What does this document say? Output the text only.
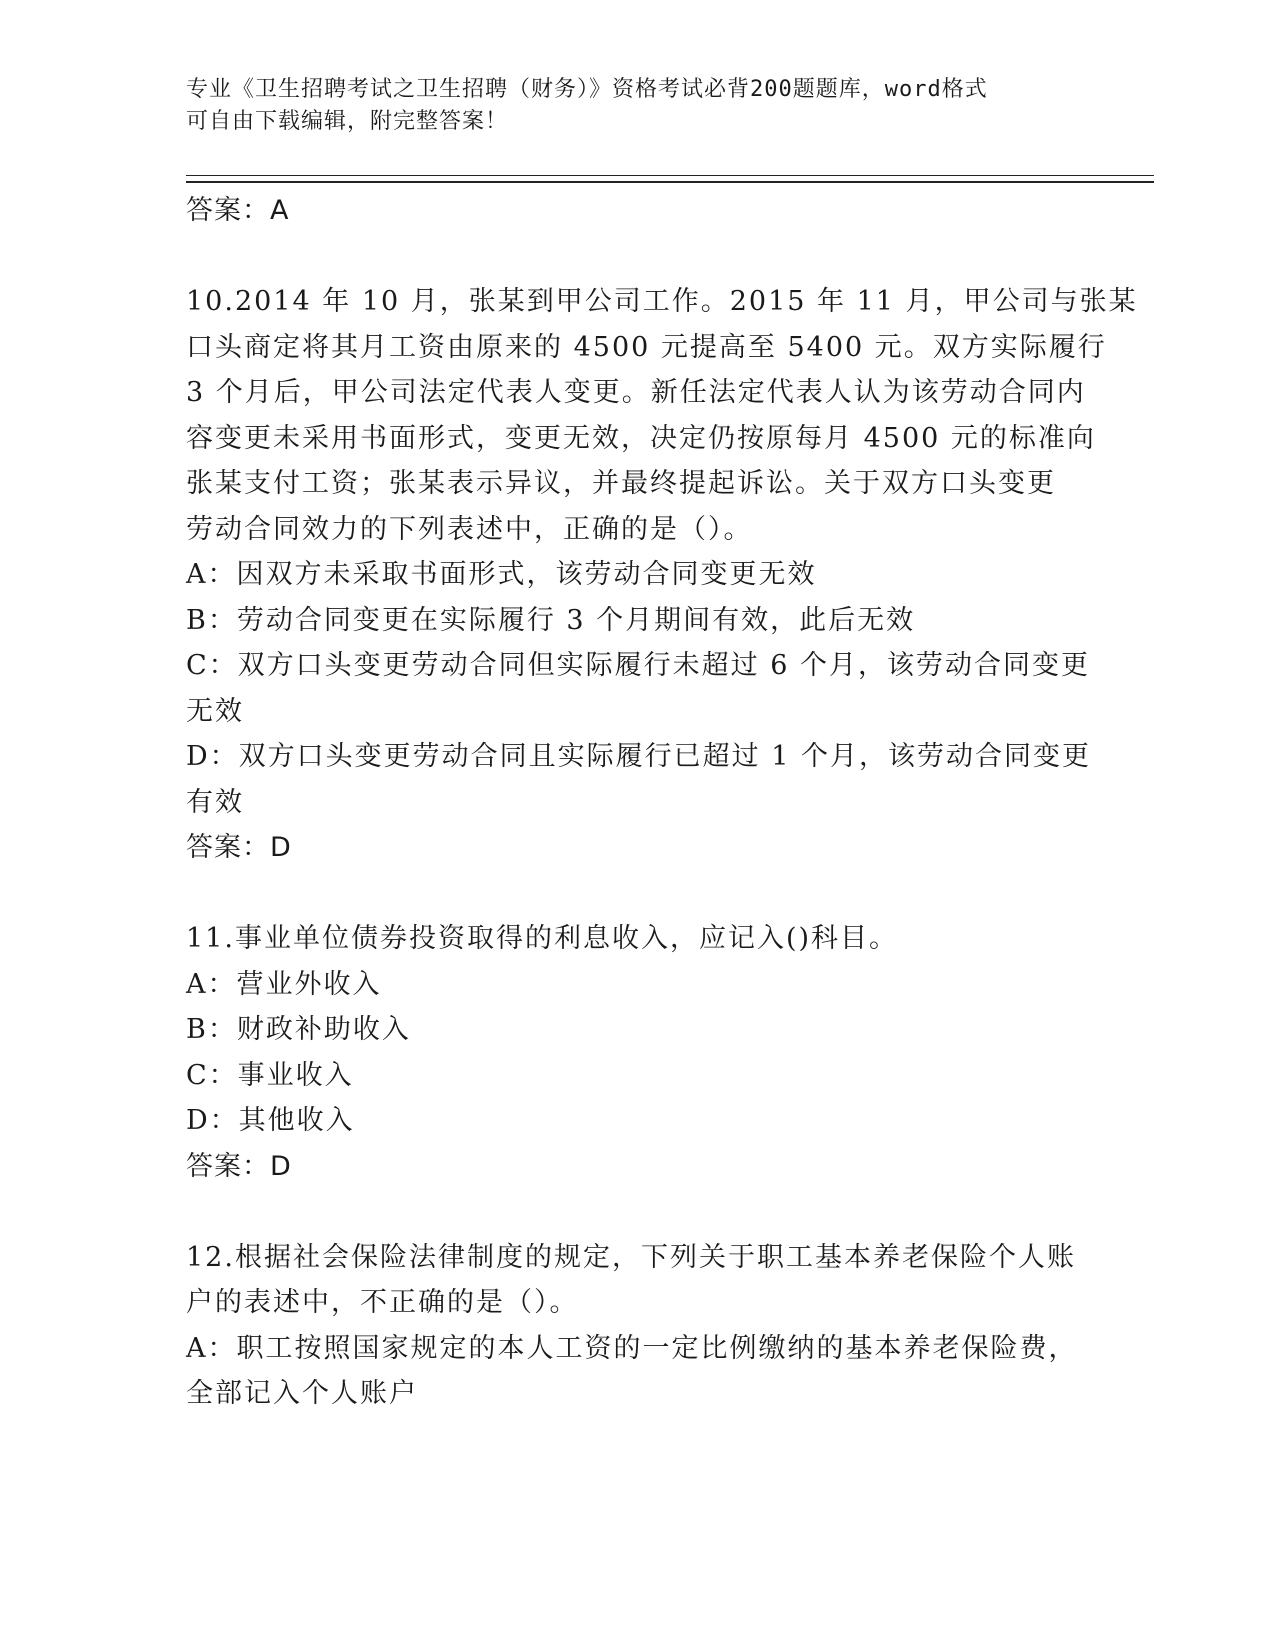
专业《卫生招聘考试之卫生招聘（财务）》资格考试必背200题题库，word格式
可自由下载编辑，附完整答案！
答案：A
10.2014 年 10 月，张某到甲公司工作。2015 年 11 月，甲公司与张某
口头商定将其月工资由原来的 4500 元提高至 5400 元。双方实际履行
3 个月后，甲公司法定代表人变更。新任法定代表人认为该劳动合同内
容变更未采用书面形式，变更无效，决定仍按原每月 4500 元的标准向
张某支付工资；张某表示异议，并最终提起诉讼。关于双方口头变更
劳动合同效力的下列表述中，正确的是（）。
A：因双方未采取书面形式，该劳动合同变更无效
B：劳动合同变更在实际履行 3 个月期间有效，此后无效
C：双方口头变更劳动合同但实际履行未超过 6 个月，该劳动合同变更
无效
D：双方口头变更劳动合同且实际履行已超过 1 个月，该劳动合同变更
有效
答案：D
11.事业单位债券投资取得的利息收入，应记入()科目。
A：营业外收入
B：财政补助收入
C：事业收入
D：其他收入
答案：D
12.根据社会保险法律制度的规定，下列关于职工基本养老保险个人账
户的表述中，不正确的是（）。
A：职工按照国家规定的本人工资的一定比例缴纳的基本养老保险费，
全部记入个人账户
